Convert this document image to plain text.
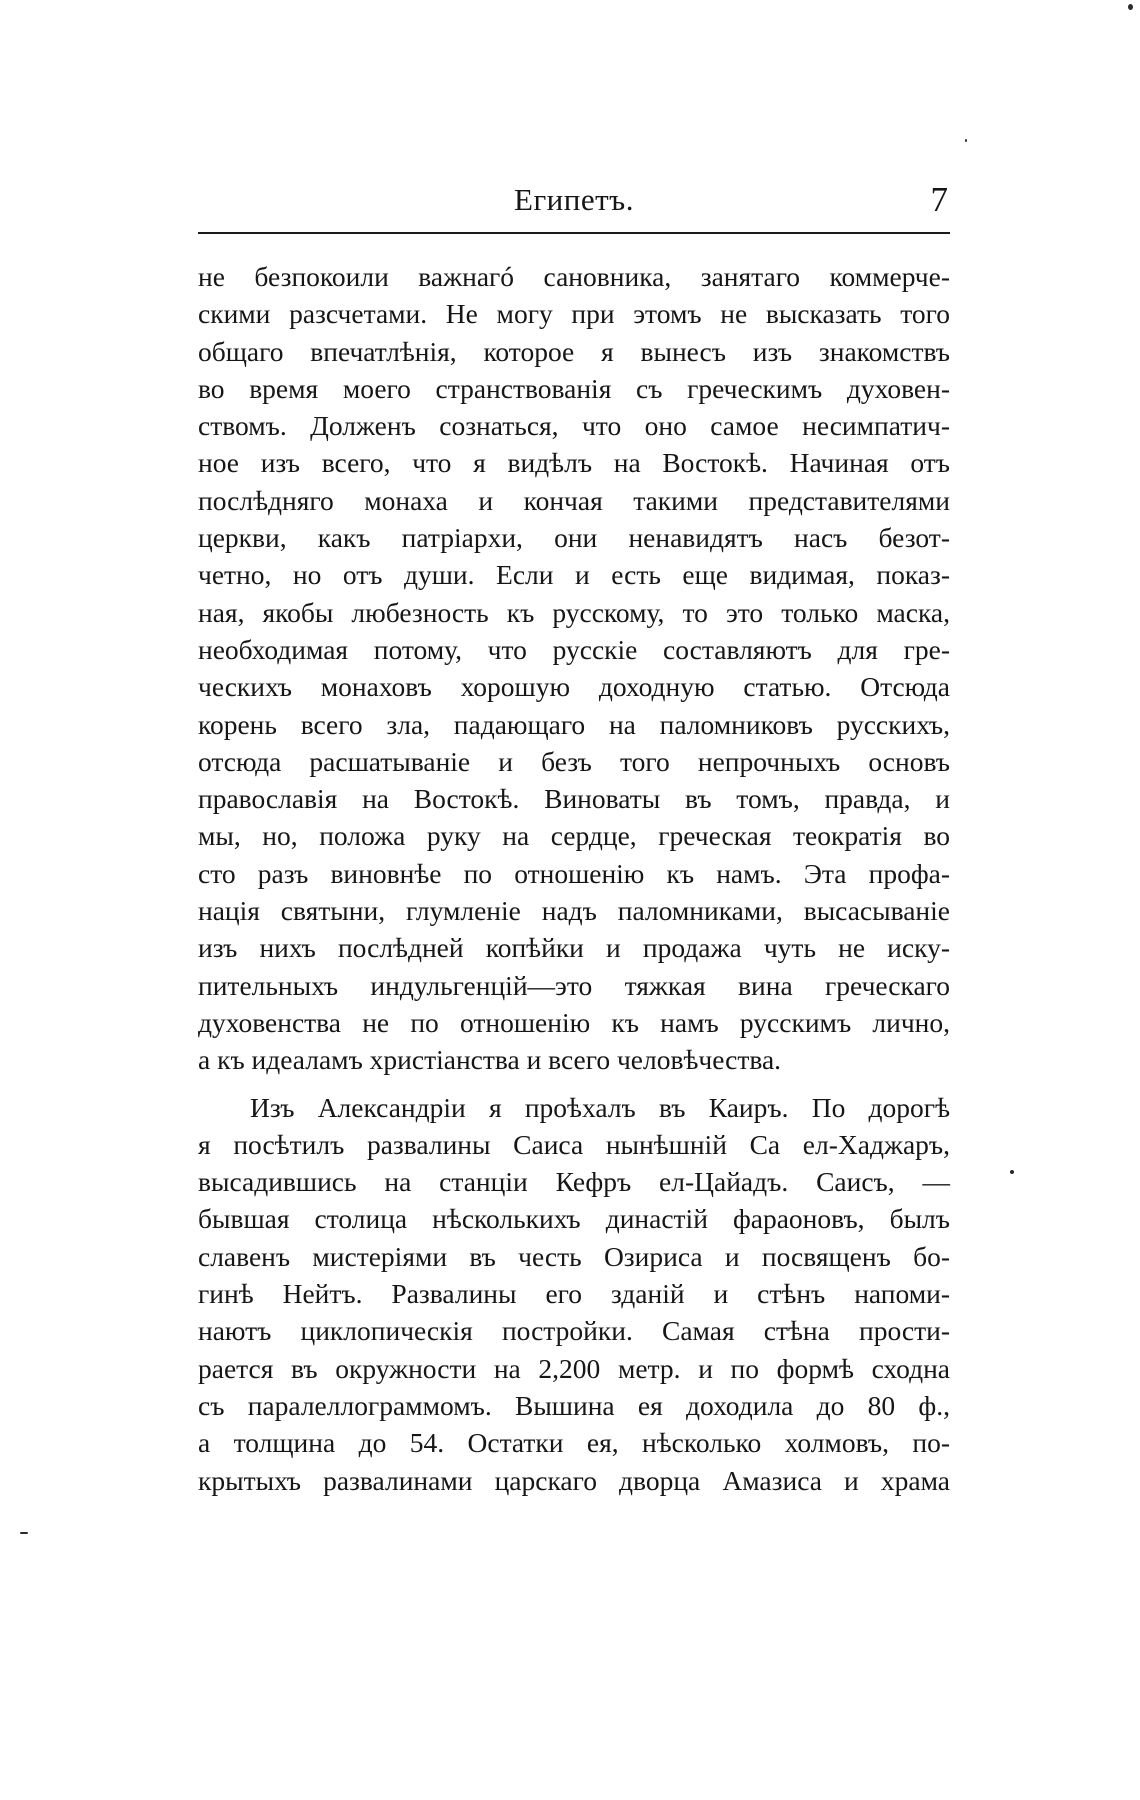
Египетъ.	7
не безпокоили важнагó сановника, занятаго коммерче-
скими разсчетами. Не могу при этомъ не высказать того
общаго впечатлѣнія, которое я вынесъ изъ знакомствъ
во время моего странствованія съ греческимъ духовен-
ствомъ. Долженъ сознаться, что оно самое несимпатич-
ное изъ всего, что я видѣлъ на Востокѣ. Начиная отъ
послѣдняго монаха и кончая такими представителями
церкви, какъ патріархи, они ненавидятъ насъ безот-
четно, но отъ души. Если и есть еще видимая, показ-
ная, якобы любезность къ русскому, то это только маска,
необходимая потому, что русскіе составляютъ для гре-
ческихъ монаховъ хорошую доходную статью. Отсюда
корень всего зла, падающаго на паломниковъ русскихъ,
отсюда расшатываніе и безъ того непрочныхъ основъ
православія на Востокѣ. Виноваты въ томъ, правда, и
мы, но, положа руку на сердце, греческая теократія во
сто разъ виновнѣе по отношенію къ намъ. Эта профа-
нація святыни, глумленіе надъ паломниками, высасываніе
изъ нихъ послѣдней копѣйки и продажа чуть не иску-
пительныхъ индульгенцій—это тяжкая вина греческаго
духовенства не по отношенію къ намъ русскимъ лично,
а къ идеаламъ христіанства и всего человѣчества.
Изъ Александріи я проѣхалъ въ Каиръ. По дорогѣ
я посѣтилъ развалины Саиса нынѣшній Са ел-Хаджаръ,
высадившись на станціи Кефръ ел-Цайадъ. Саисъ, —
бывшая столица нѣсколькихъ династій фараоновъ, былъ
славенъ мистеріями въ честь Озириса и посвященъ бо-
гинѣ Нейтъ. Развалины его зданій и стѣнъ напоми-
наютъ циклопическія постройки. Самая стѣна прости-
рается въ окружности на 2,200 метр. и по формѣ сходна
съ паралеллограммомъ. Вышина ея доходила до 80 ф.,
а толщина до 54. Остатки ея, нѣсколько холмовъ, по-
крытыхъ развалинами царскаго дворца Амазиса и храма
